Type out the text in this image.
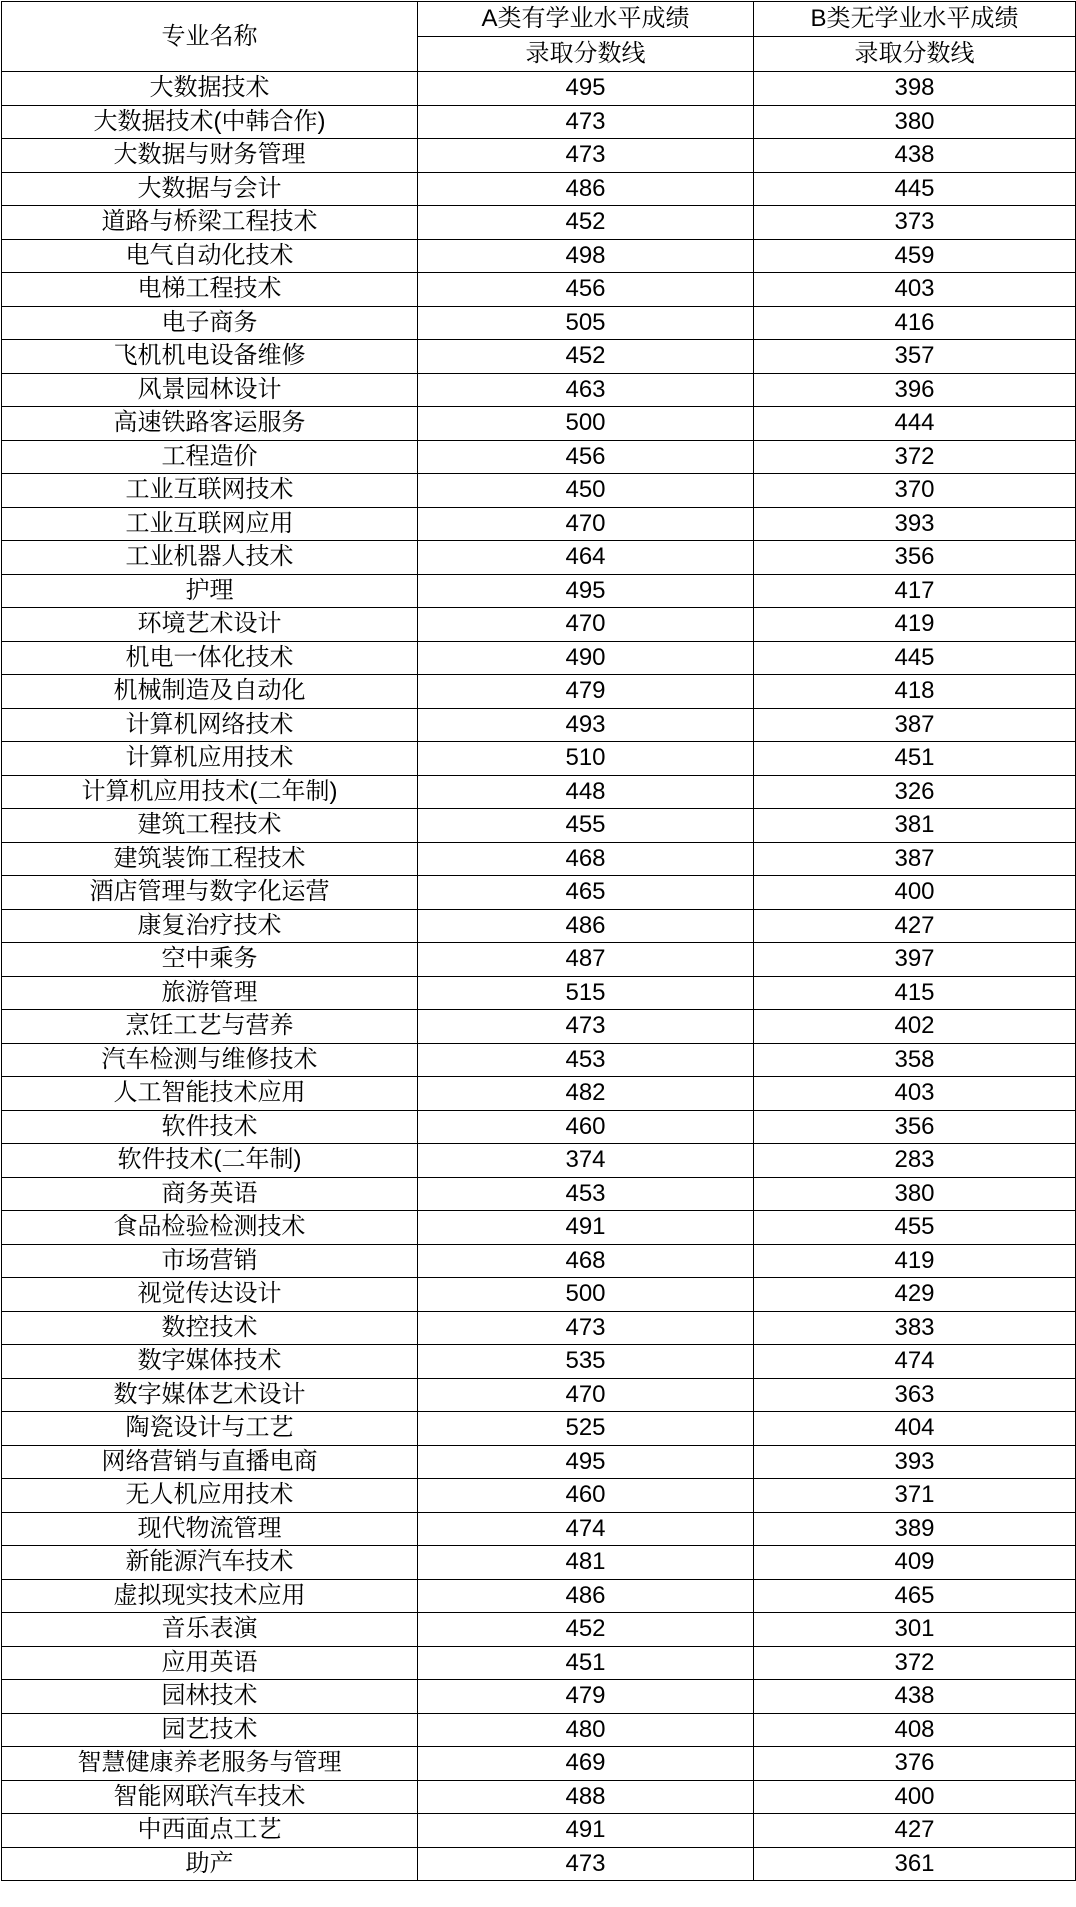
专业名称	A类有学业水平成绩	B类无学业水平成绩
	录取分数线	录取分数线
大数据技术	495	398
大数据技术(中韩合作)	473	380
大数据与财务管理	473	438
大数据与会计	486	445
道路与桥梁工程技术	452	373
电气自动化技术	498	459
电梯工程技术	456	403
电子商务	505	416
飞机机电设备维修	452	357
风景园林设计	463	396
高速铁路客运服务	500	444
工程造价	456	372
工业互联网技术	450	370
工业互联网应用	470	393
工业机器人技术	464	356
护理	495	417
环境艺术设计	470	419
机电一体化技术	490	445
机械制造及自动化	479	418
计算机网络技术	493	387
计算机应用技术	510	451
计算机应用技术(二年制)	448	326
建筑工程技术	455	381
建筑装饰工程技术	468	387
酒店管理与数字化运营	465	400
康复治疗技术	486	427
空中乘务	487	397
旅游管理	515	415
烹饪工艺与营养	473	402
汽车检测与维修技术	453	358
人工智能技术应用	482	403
软件技术	460	356
软件技术(二年制)	374	283
商务英语	453	380
食品检验检测技术	491	455
市场营销	468	419
视觉传达设计	500	429
数控技术	473	383
数字媒体技术	535	474
数字媒体艺术设计	470	363
陶瓷设计与工艺	525	404
网络营销与直播电商	495	393
无人机应用技术	460	371
现代物流管理	474	389
新能源汽车技术	481	409
虚拟现实技术应用	486	465
音乐表演	452	301
应用英语	451	372
园林技术	479	438
园艺技术	480	408
智慧健康养老服务与管理	469	376
智能网联汽车技术	488	400
中西面点工艺	491	427
助产	473	361
